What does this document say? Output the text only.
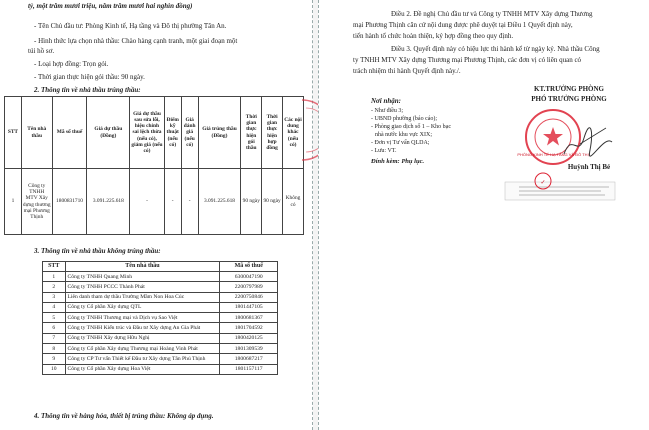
tỷ, một trăm mươi triệu, năm trăm mươi hai nghìn đồng)
- Tên Chủ đầu tư: Phòng Kinh tế, Hạ tầng và Đô thị phường Tân An.
- Hình thức lựa chọn nhà thầu: Chào hàng cạnh tranh, một giai đoạn một
túi hồ sơ.
- Loại hợp đồng: Trọn gói.
- Thời gian thực hiện gói thầu: 90 ngày.
2. Thông tin về nhà thầu trúng thầu:
STT	Tên nhà thầu	Mã số thuế	Giá dự thầu (Đồng)	Giá dự thầu sau sửa lỗi, hiệu chỉnh sai lệch thừa (nếu có), giảm giá (nếu có)	Điểm kỹ thuật (nếu có)	Giá đánh giá (nếu có)	Giá trúng thầu (Đồng)	Thời gian thực hiện gói thầu	Thời gian thực hiện hợp đồng	Các nội dung khác (nếu có)
1	Công ty TNHH MTV Xây dựng thương mại Phương Thịnh	1800831710	3.091.225.618	-	-	-	3.091.225.618	90 ngày	90 ngày	Không có
3. Thông tin về nhà thầu không trúng thầu:
STT	Tên nhà thầu	Mã số thuế
1	Công ty TNHH Quang Minh	6300047190
2	Công ty TNHH PCCC Thành Phát	2200797989
3	Liên danh tham dự thầu Trường Mầm Non Hoa Cúc	2200750846
4	Công ty Cổ phần Xây dựng QTL	1801447105
5	Công ty TNHH Thương mại và Dịch vụ Sao Việt	1800681367
6	Công ty TNHH Kiến trúc và Đầu tư Xây dựng An Gia Phát	1801704592
7	Công ty TNHH Xây dựng Hữu Nghị	1800420125
8	Công ty Cổ phần Xây dựng Thương mại Hoàng Vinh Phát	1801309539
9	Công ty CP Tư vấn Thiết kế Đầu tư Xây dựng Tân Phú Thịnh	1800687217
10	Công ty Cổ phần Xây dựng Hoa Việt	1801157117
4. Thông tin về hàng hóa, thiết bị trúng thầu: Không áp dụng.
Điều 2. Đề nghị Chủ đầu tư và Công ty TNHH MTV Xây dựng Thương
mại Phương Thịnh căn cứ nội dung được phê duyệt tại Điều 1 Quyết định này,
tiến hành tổ chức hoàn thiện, ký hợp đồng theo quy định.
Điều 3. Quyết định này có hiệu lực thi hành kể từ ngày ký. Nhà thầu Công
ty TNHH MTV Xây dựng Thương mại Phương Thịnh, các đơn vị có liên quan có
trách nhiệm thi hành Quyết định này./.
KT.TRƯỞNG PHÒNG
PHÓ TRƯỞNG PHÒNG
Nơi nhận:
- Như điều 3;
- UBND phường (báo cáo);
- Phòng giao dịch số 1 – Kho bạc
nhà nước khu vực XIX;
- Đơn vị Tư vấn QLDA;
- Lưu: VT.
Đính kèm: Phụ lục.
Huỳnh Thị Bé
PHÒNG KINH TẾ HẠ TẦNG VÀ ĐÔ THỊ
✓
